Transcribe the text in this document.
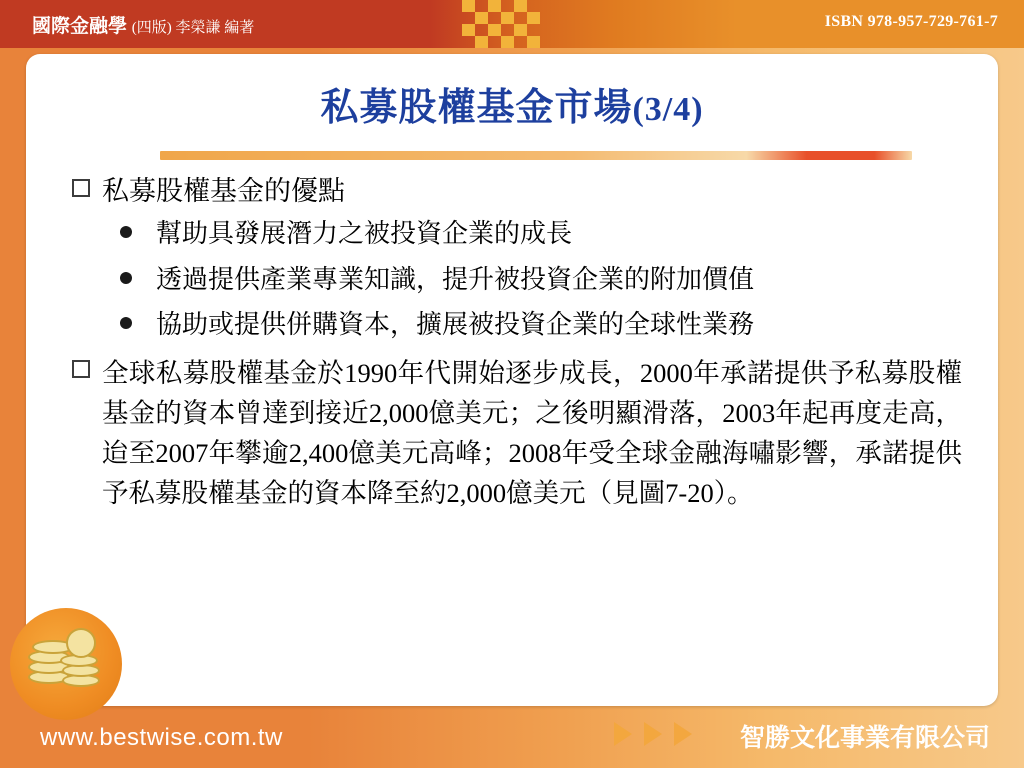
國際金融學 (四版) 李榮謙 編著	ISBN 978-957-729-761-7
私募股權基金市場(3/4)
私募股權基金的優點
幫助具發展潛力之被投資企業的成長
透過提供產業專業知識，提升被投資企業的附加價值
協助或提供併購資本，擴展被投資企業的全球性業務
全球私募股權基金於1990年代開始逐步成長，2000年承諾提供予私募股權基金的資本曾達到接近2,000億美元；之後明顯滑落，2003年起再度走高，迨至2007年攀逾2,400億美元高峰；2008年受全球金融海嘯影響，承諾提供予私募股權基金的資本降至約2,000億美元（見圖7-20）。
www.bestwise.com.tw	智勝文化事業有限公司
